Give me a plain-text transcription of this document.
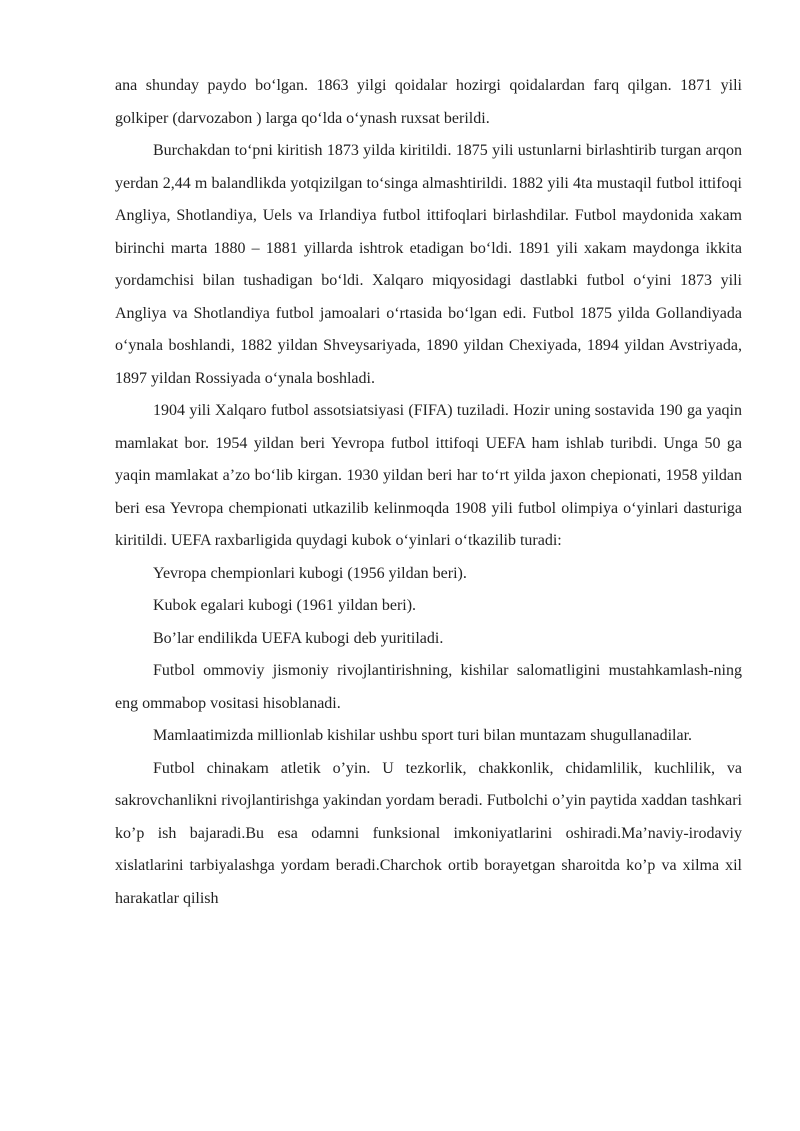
ana shunday paydo bo‘lgan. 1863 yilgi qoidalar hozirgi qoidalardan farq qilgan. 1871 yili golkiper (darvozabon ) larga qo‘lda o‘ynash ruxsat berildi.

Burchakdan to‘pni kiritish 1873 yilda kiritildi. 1875 yili ustunlarni birlashtirib turgan arqon yerdan 2,44 m balandlikda yotqizilgan to‘singa almashtirildi. 1882 yili 4ta mustaqil futbol ittifoqi Angliya, Shotlandiya, Uels va Irlandiya futbol ittifoqlari birlashdilar. Futbol maydonida xakam birinchi marta 1880 – 1881 yillarda ishtrok etadigan bo‘ldi. 1891 yili xakam maydonga ikkita yordamchisi bilan tushadigan bo‘ldi. Xalqaro miqyosidagi dastlabki futbol o‘yini 1873 yili Angliya va Shotlandiya futbol jamoalari o‘rtasida bo‘lgan edi. Futbol 1875 yilda Gollandiyada o‘ynala boshlandi, 1882 yildan Shveysariyada, 1890 yildan Chexiyada, 1894 yildan Avstriyada, 1897 yildan Rossiyada o‘ynala boshladi.

1904 yili Xalqaro futbol assotsiatsiyasi (FIFA) tuziladi. Hozir uning sostavida 190 ga yaqin mamlakat bor. 1954 yildan beri Yevropa futbol ittifoqi UEFA ham ishlab turibdi. Unga 50 ga yaqin mamlakat a’zo bo‘lib kirgan. 1930 yildan beri har to‘rt yilda jaxon chepionati, 1958 yildan beri esa Yevropa chempionati utkazilib kelinmoqda 1908 yili futbol olimpiya o‘yinlari dasturiga kiritildi. UEFA raxbarligida quydagi kubok o‘yinlari o‘tkazilib turadi:

Yevropa chempionlari kubogi (1956 yildan beri).

Kubok egalari kubogi (1961 yildan beri).

Bo’lar endilikda UEFA kubogi deb yuritiladi.

Futbol ommoviy jismoniy rivojlantirishning, kishilar salomatligini mustahkamlash-ning eng ommabop vositasi hisoblanadi.

Mamlaatimizda millionlab kishilar ushbu sport turi bilan muntazam shugullanadilar.

Futbol chinakam atletik o’yin. U tezkorlik, chakkonlik, chidamlilik, kuchlilik, va sakrovchanlikni rivojlantirishga yakindan yordam beradi. Futbolchi o’yin paytida xaddan tashkari ko’p ish bajaradi.Bu esa odamni funksional imkoniyatlarini oshiradi.Ma’naviy-irodaviy xislatlarini tarbiyalashga yordam beradi.Charchok ortib borayetgan sharoitda ko’p va xilma xil harakatlar qilish
